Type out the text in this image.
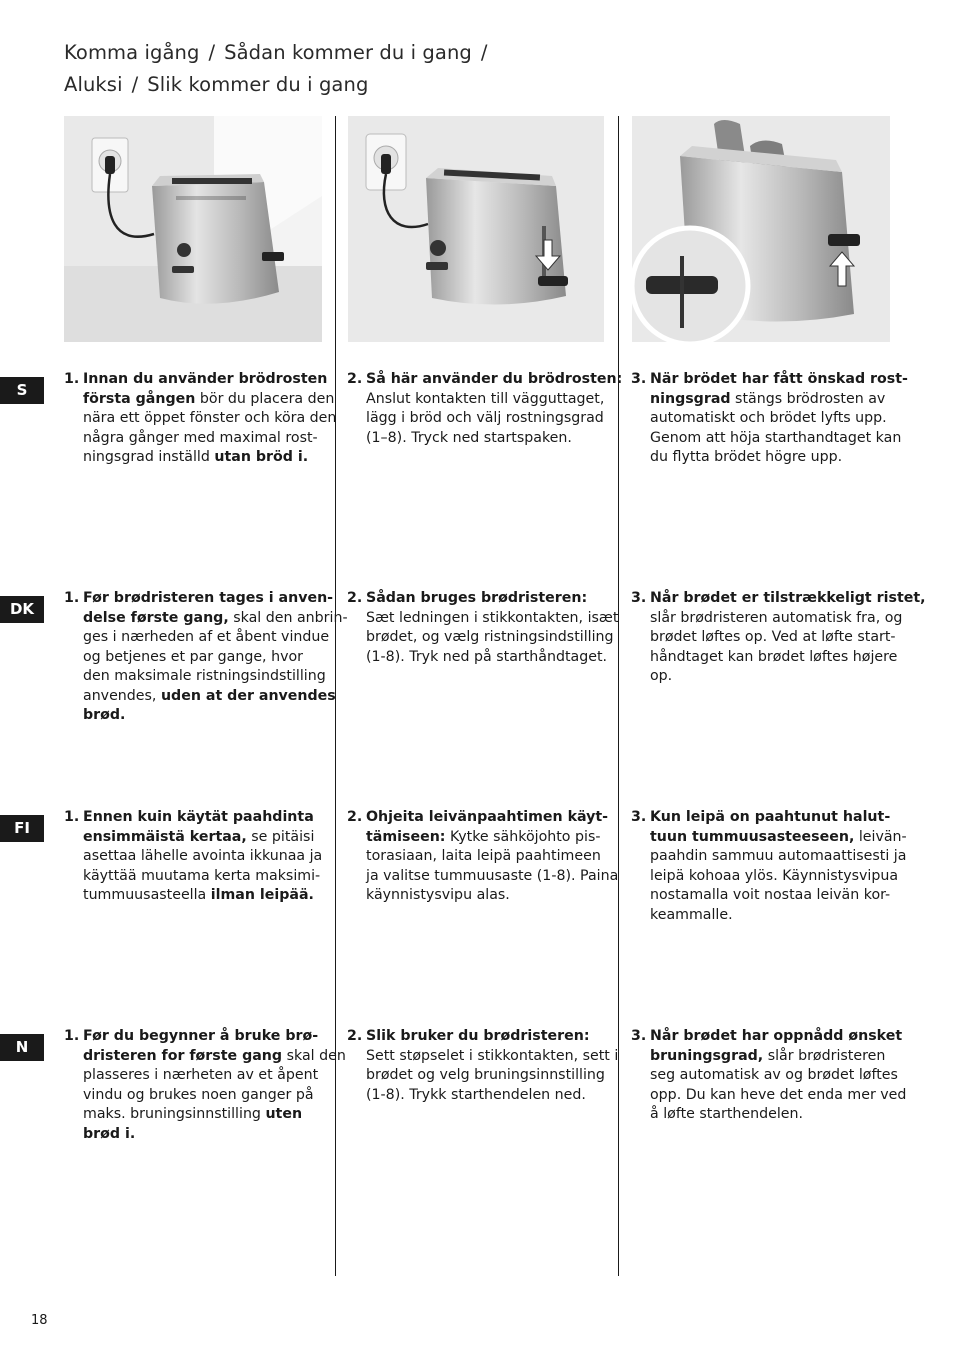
Komma igång / Sådan kommer du i gang /
Aluksi / Slik kommer du i gang
S
DK
FI
N
1. Innan du använder brödrosten
första gången bör du placera den
nära ett öppet fönster och köra den
några gånger med maximal rost-
ningsgrad inställd utan bröd i.
2. Så här använder du brödrosten:
Anslut kontakten till vägguttaget,
lägg i bröd och välj rostningsgrad
(1–8). Tryck ned startspaken.
3. När brödet har fått önskad rost-
ningsgrad stängs brödrosten av
automatiskt och brödet lyfts upp.
Genom att höja starthandtaget kan
du flytta brödet högre upp.
1. Før brødristeren tages i anven-
delse første gang, skal den anbrin-
ges i nærheden af et åbent vindue
og betjenes et par gange, hvor
den maksimale ristningsindstilling
anvendes, uden at der anvendes
brød.
2. Sådan bruges brødristeren:
Sæt ledningen i stikkontakten, isæt
brødet, og vælg ristningsindstilling
(1-8). Tryk ned på starthåndtaget.
3. Når brødet er tilstrækkeligt ristet,
slår brødristeren automatisk fra, og
brødet løftes op. Ved at løfte start-
håndtaget kan brødet løftes højere
op.
1. Ennen kuin käytät paahdinta
ensimmäistä kertaa, se pitäisi
asettaa lähelle avointa ikkunaa ja
käyttää muutama kerta maksimi-
tummuusasteella ilman leipää.
2. Ohjeita leivänpaahtimen käyt-
tämiseen: Kytke sähköjohto pis-
torasiaan, laita leipä paahtimeen
ja valitse tummuusaste (1-8). Paina
käynnistysvipu alas.
3. Kun leipä on paahtunut halut-
tuun tummuusasteeseen, leivän-
paahdin sammuu automaattisesti ja
leipä kohoaa ylös. Käynnistysvipua
nostamalla voit nostaa leivän kor-
keammalle.
1. Før du begynner å bruke brø-
dristeren for første gang skal den
plasseres i nærheten av et åpent
vindu og brukes noen ganger på
maks. bruningsinnstilling uten
brød i.
2. Slik bruker du brødristeren:
Sett støpselet i stikkontakten, sett i
brødet og velg bruningsinnstilling
(1-8). Trykk starthendelen ned.
3. Når brødet har oppnådd ønsket
bruningsgrad, slår brødristeren
seg automatisk av og brødet løftes
opp. Du kan heve det enda mer ved
å løfte starthendelen.
18
